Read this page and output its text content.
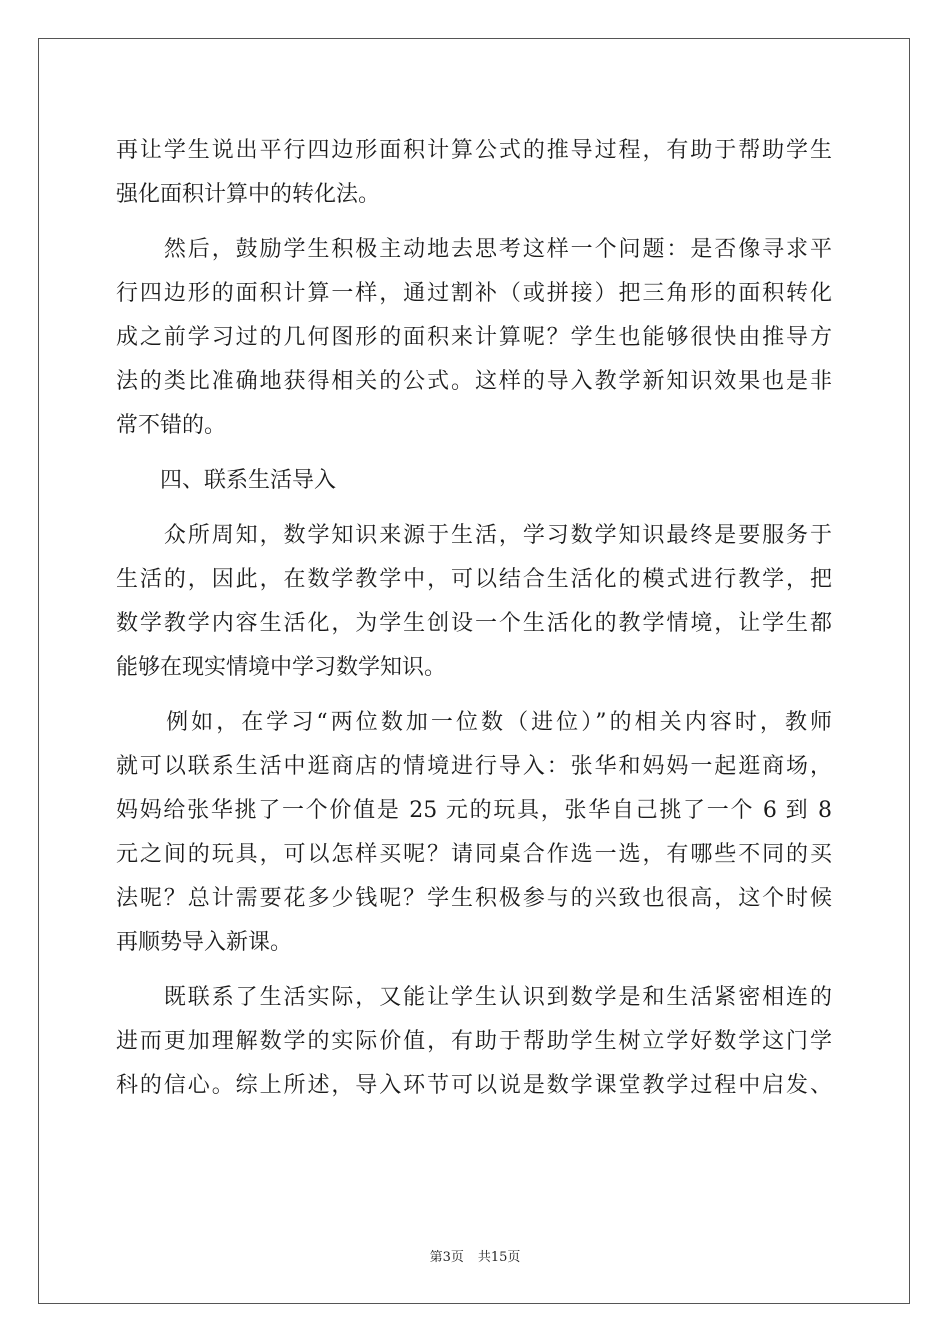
再让学生说出平行四边形面积计算公式的推导过程，有助于帮助学生
强化面积计算中的转化法。
　　然后，鼓励学生积极主动地去思考这样一个问题：是否像寻求平
行四边形的面积计算一样，通过割补（或拼接）把三角形的面积转化
成之前学习过的几何图形的面积来计算呢？学生也能够很快由推导方
法的类比准确地获得相关的公式。这样的导入教学新知识效果也是非
常不错的。
　　四、联系生活导入
　　众所周知，数学知识来源于生活，学习数学知识最终是要服务于
生活的，因此，在数学教学中，可以结合生活化的模式进行教学，把
数学教学内容生活化，为学生创设一个生活化的教学情境，让学生都
能够在现实情境中学习数学知识。
　　例如，在学习“两位数加一位数（进位）”的相关内容时，教师
就可以联系生活中逛商店的情境进行导入：张华和妈妈一起逛商场，
妈妈给张华挑了一个价值是 25 元的玩具，张华自己挑了一个 6 到 8
元之间的玩具，可以怎样买呢？请同桌合作选一选，有哪些不同的买
法呢？总计需要花多少钱呢？学生积极参与的兴致也很高，这个时候
再顺势导入新课。
　　既联系了生活实际，又能让学生认识到数学是和生活紧密相连的
进而更加理解数学的实际价值，有助于帮助学生树立学好数学这门学
科的信心。综上所述，导入环节可以说是数学课堂教学过程中启发、
第3页 共15页
